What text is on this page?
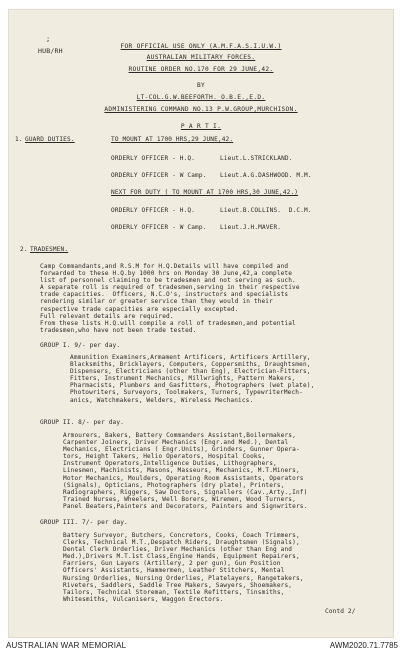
;
HUB/RH
FOR OFFICIAL USE ONLY (A.M.F.A.S.I.U.W.)
AUSTRALIAN MILITARY FORCES.
ROUTINE ORDER NO.170 FOR 29 JUNE,42.
BY
LT-COL.G.W.BEEFORTH. O.B.E.,E.D.
ADMINISTERING COMMAND NO.13 P.W.GROUP,MURCHISON.
P A R T I.
1. GUARD DUTIES.	TO MOUNT AT 1700 HRS,29 JUNE,42.
ORDERLY OFFICER - H.Q.	Lieut.L.STRICKLAND.
ORDERLY OFFICER - W Camp. Lieut.A.G.DASHWOOD. M.M.
NEXT FOR DUTY ( TO MOUNT AT 1700 HRS,30 JUNE,42.)
ORDERLY OFFICER - H.Q.	Lieut.B.COLLINS.  D.C.M.
ORDERLY OFFICER - W Camp. Lieut.J.H.MAVER.
2. TRADESMEN.
Camp Commandants,and R.S.M for H.Q.Details will have compiled and
forwarded to these H.Q.by 1000 hrs on Monday 30 June,42,a complete
list of personnel claiming to be tradesmen and not serving as such.
A separate roll is required of tradesmen,serving in their respective
trade capacities.  Officers, N.C.O's, instructors and specialists
rendering similar or greater service than they would in their
respective trade capacities are especially excepted.
Full relevant details are required.
From these lists H.Q.will compile a roll of tradesmen,and potential
tradesmen,who have not been trade tested.
GROUP I. 9/- per day.
Ammunition Examiners,Armament Artificers, Artificers Artillery,
Blacksmiths, Bricklayers, Computers, Coppersmiths, Draughtsmen,
Dispensers, Electricians (other than Eng), Electrician-Fitters,
Fitters, Instrument Mechanics, Millwrights, Pattern Makers,
Pharmacists, Plumbers and Gasfitters, Photographers (wet plate),
Photowriters, Surveyors, Toolmakers, Turners, TypewriterMech-
anics, Watchmakers, Welders, Wireless Mechanics.
GROUP II. 8/- per day.
Armourers, Bakers, Battery Commanders Assistant,Boilermakers,
Carpenter Joiners, Driver Mechanics (Engr.and Med.), Dental
Mechanics, Electricians ( Engr.Units), Grinders, Gunner Opera-
tors, Height Takers, Helio Operators, Hospital Cooks,
Instrument Operators,Intelligence Duties, Lithographers,
Linesmen, Machinists, Masons, Masseurs, Mechanics, M.T.Miners,
Motor Mechanics, Moulders, Operating Room Assistants, Operators
(Signals), Opticians, Photographers (dry plate), Printers,
Radiographers, Riggers, Saw Doctors, Signallers (Cav.,Arty.,Inf)
Trained Nurses, Wheelers, Well Borers, Wiremen, Wood Turners,
Panel Beaters,Painters and Decorators, Painters and Signwriters.
GROUP III. 7/- per day.
Battery Surveyor, Butchers, Concretors, Cooks, Coach Trimmers,
Clerks, Technical M.T.,Despatch Riders, Draughtsmen (Signals),
Dental Clerk Orderlies, Driver Mechanics (other than Eng and
Med.),Drivers M.T.1st Class,Engine Hands, Equipment Repairers,
Farriers, Gun Layers (Artillery, 2 per gun), Gun Position
Officers' Assistants, Hammermen, Leather Stitchers, Mental
Nursing Orderlies, Nursing Orderlies, Platelayers, Rangetakers,
Riveters, Saddlers, Saddle Tree Makers, Sawyers, Shoemakers,
Tailors, Technical Storeman, Textile Refitters, Tinsmiths,
Whitesmiths, Vulcanisers, Waggon Erectors.
Contd 2/
AUSTRALIAN WAR MEMORIAL	AWM2020.71.7785
